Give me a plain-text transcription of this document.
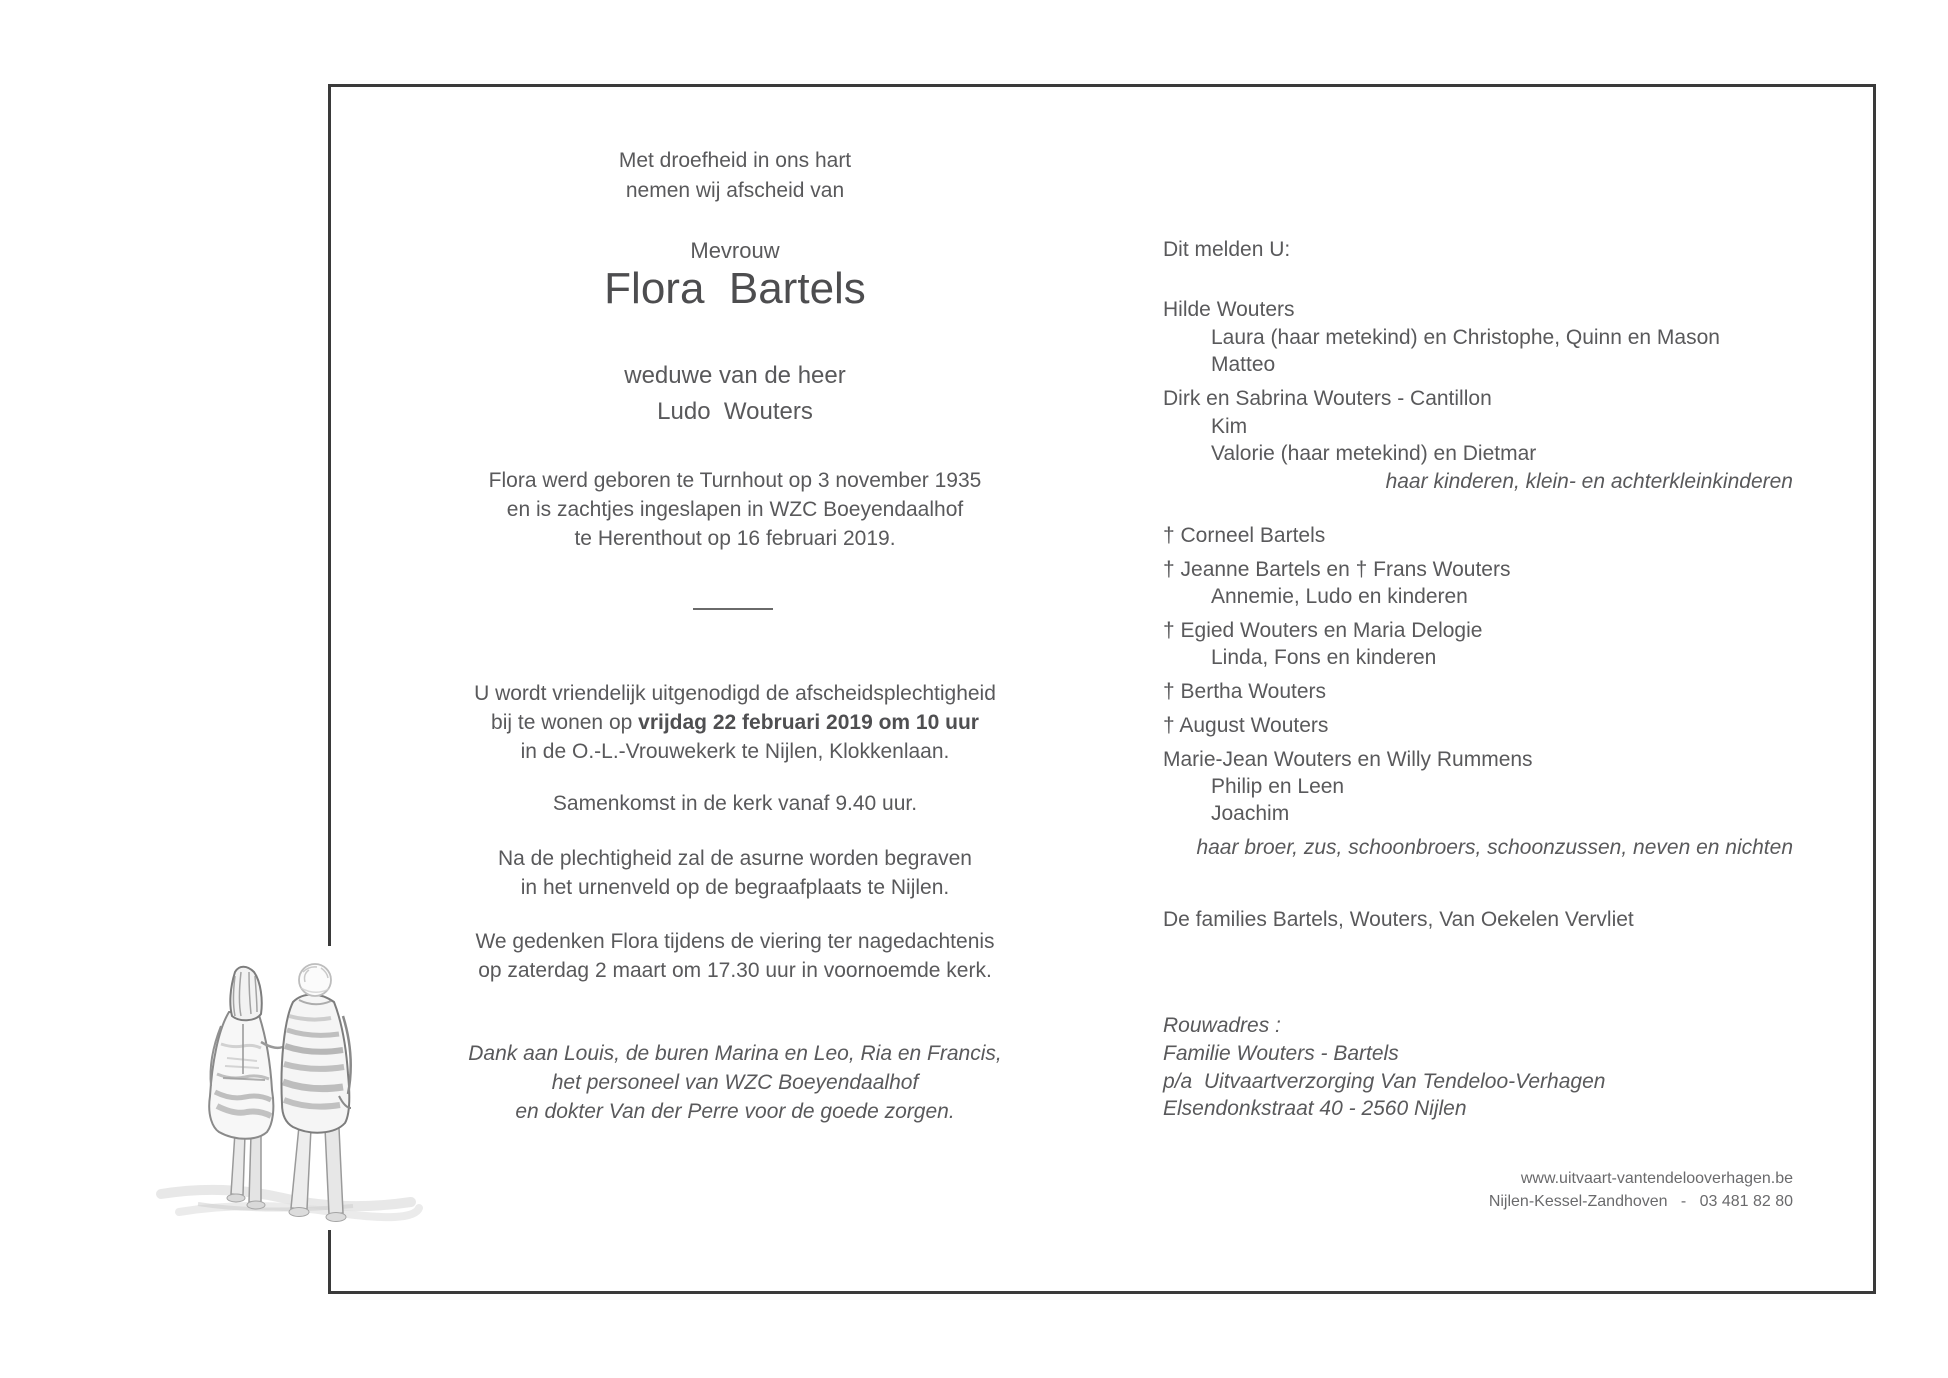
Met droefheid in ons hart
nemen wij afscheid van
Mevrouw
Flora  Bartels
weduwe van de heer
Ludo  Wouters
Flora werd geboren te Turnhout op 3 november 1935
en is zachtjes ingeslapen in WZC Boeyendaalhof
te Herenthout op 16 februari 2019.
U wordt vriendelijk uitgenodigd de afscheidsplechtigheid
bij te wonen op vrijdag 22 februari 2019 om 10 uur
in de O.-L.-Vrouwekerk te Nijlen, Klokkenlaan.
Samenkomst in de kerk vanaf 9.40 uur.
Na de plechtigheid zal de asurne worden begraven
in het urnenveld op de begraafplaats te Nijlen.
We gedenken Flora tijdens de viering ter nagedachtenis
op zaterdag 2 maart om 17.30 uur in voornoemde kerk.
Dank aan Louis, de buren Marina en Leo, Ria en Francis,
het personeel van WZC Boeyendaalhof
en dokter Van der Perre voor de goede zorgen.
Dit melden U:
Hilde Wouters
Laura (haar metekind) en Christophe, Quinn en Mason
Matteo
Dirk en Sabrina Wouters - Cantillon
Kim
Valorie (haar metekind) en Dietmar
haar kinderen, klein- en achterkleinkinderen
† Corneel Bartels
† Jeanne Bartels en † Frans Wouters
Annemie, Ludo en kinderen
† Egied Wouters en Maria Delogie
Linda, Fons en kinderen
† Bertha Wouters
† August Wouters
Marie-Jean Wouters en Willy Rummens
Philip en Leen
Joachim
haar broer, zus, schoonbroers, schoonzussen, neven en nichten
De families Bartels, Wouters, Van Oekelen Vervliet
Rouwadres :
Familie Wouters - Bartels
p/a  Uitvaartverzorging Van Tendeloo-Verhagen
Elsendonkstraat 40 - 2560 Nijlen
www.uitvaart-vantendelooverhagen.be
Nijlen-Kessel-Zandhoven   -   03 481 82 80
